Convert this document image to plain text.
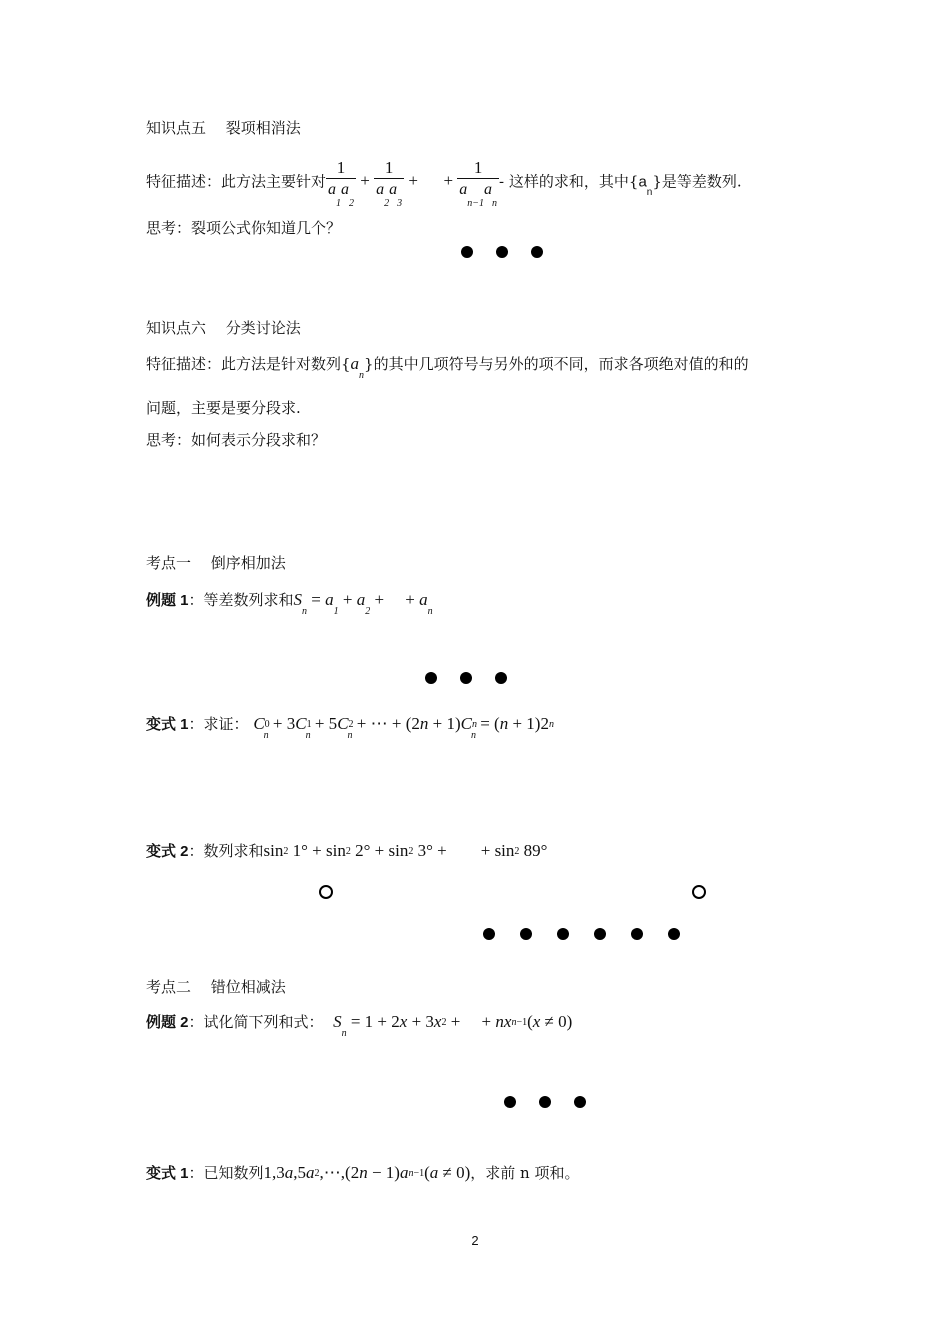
知识点五　 裂项相消法
特征描述：此方法主要针对 $\frac{1}{a_1a_2} + \frac{1}{a_2a_3}$ +      + $\frac{1}{a_{n-1}a_n}$ - 这样的求和，其中$\{a_n\}$是等差数列.
思考：裂项公式你知道几个？
知识点六　 分类讨论法
特征描述：此方法是针对数列$\{a_n\}$的其中几项符号与另外的项不同，而求各项绝对值的和的
问题，主要是要分段求.
思考：如何表示分段求和？
考点一　 倒序相加法
例题 1：等差数列求和$S_n = a_1 + a_2$ +     + $a_n$
变式 1：求证： $C0_n + 3C1_n + 5C2_n$ + ⋯ + $(2n + 1)Cn_n = (n + 1)2n$
变式 2：数列求和sin2 1° + sin2 2° + sin2 3° +        + sin2 89°
考点二　 错位相减法
例题 2：试化简下列和式： $S_n = 1 + 2x + 3x2$ +     + nxn−1(x ≠ 0)
变式 1：已知数列1,3a,5a2,⋯,(2n − 1)an−1(a ≠ 0)，求前 n 项和。
2
